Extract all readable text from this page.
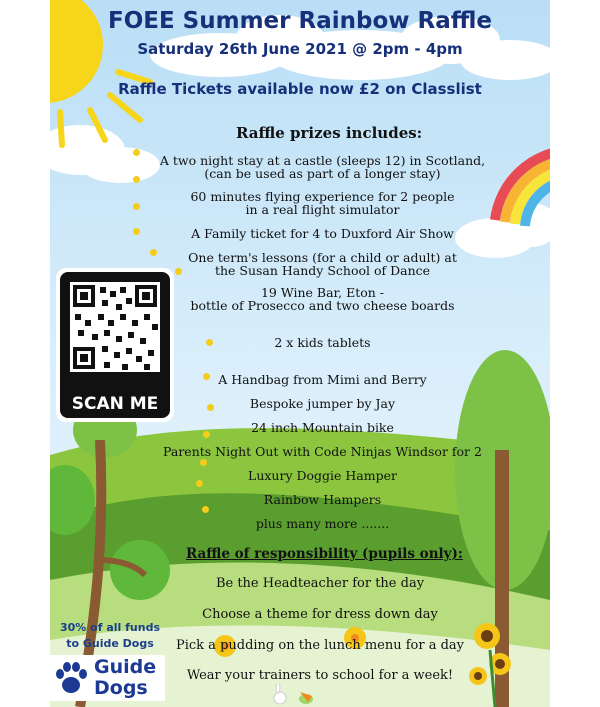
SCAN ME
30% of all funds
to Guide Dogs
Guide
Dogs
FOEE Summer Rainbow Raffle
Saturday 26th June 2021 @ 2pm - 4pm
Raffle Tickets available now £2 on Classlist
Raffle prizes includes:
A two night stay at a castle (sleeps 12) in Scotland,
(can be used as part of a longer stay)
60 minutes flying experience for 2 people
in a real flight simulator
A Family ticket for 4 to Duxford Air Show
One term's lessons (for a child or adult) at
the Susan Handy School of Dance
19 Wine Bar, Eton -
bottle of Prosecco and two cheese boards
2 x kids tablets
A Handbag from Mimi and Berry
Bespoke jumper by Jay
24 inch Mountain bike
Parents Night Out with Code Ninjas Windsor for 2
Luxury Doggie Hamper
Rainbow Hampers
plus many more .......
Raffle of responsibility (pupils only):
Be the Headteacher for the day
Choose a theme for dress down day
Pick a pudding on the lunch menu for a day
Wear your trainers to school for a week!
